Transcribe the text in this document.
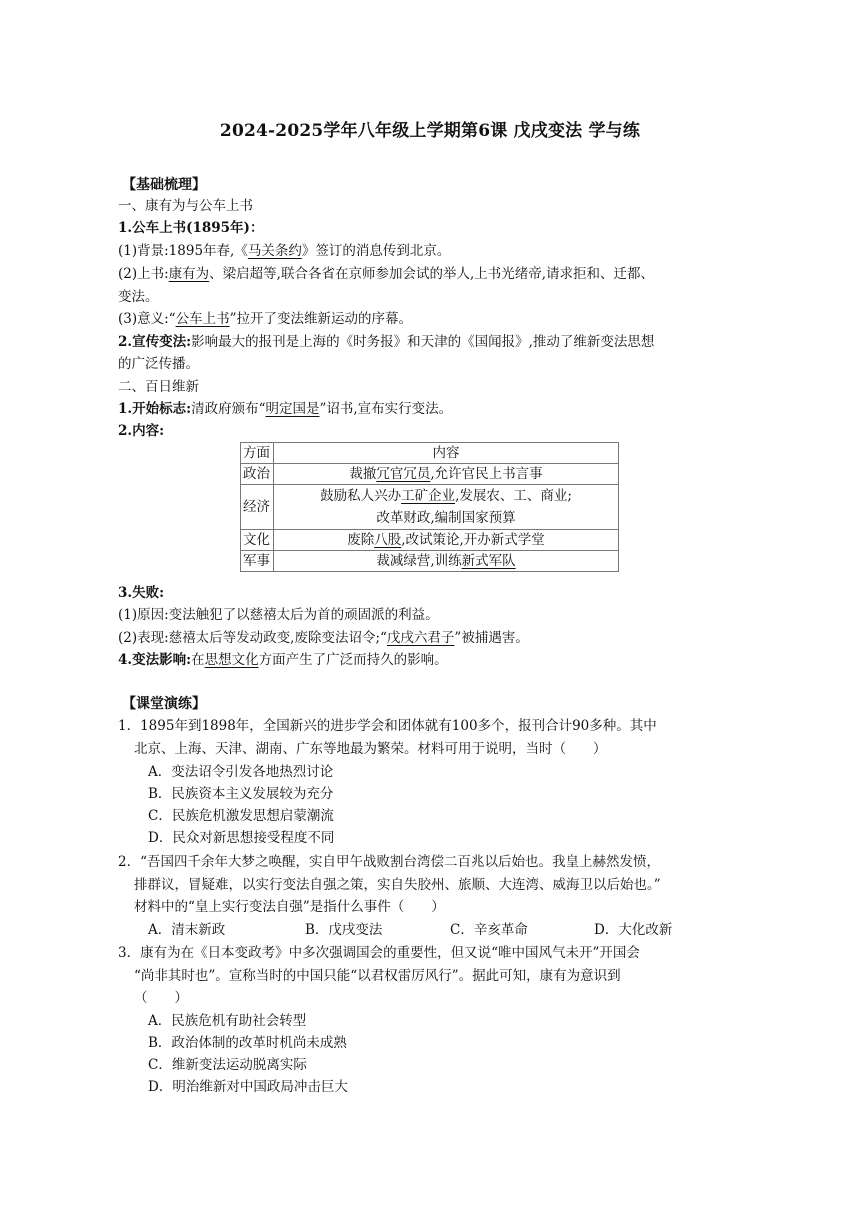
2024-2025学年八年级上学期第6课 戊戌变法 学与练
【基础梳理】
一、康有为与公车上书
1.公车上书(1895年)：
(1)背景:1895年春,《马关条约》签订的消息传到北京。
(2)上书:康有为、梁启超等,联合各省在京师参加会试的举人,上书光绪帝,请求拒和、迁都、
变法。
(3)意义:“公车上书”拉开了变法维新运动的序幕。
2.宣传变法:影响最大的报刊是上海的《时务报》和天津的《国闻报》,推动了维新变法思想
的广泛传播。
二、百日维新
1.开始标志:清政府颁布“明定国是”诏书,宣布实行变法。
2.内容:
方面	内容
政治	裁撤冗官冗员,允许官民上书言事
经济	鼓励私人兴办工矿企业,发展农、工、商业;
改革财政,编制国家预算
文化	废除八股,改试策论,开办新式学堂
军事	裁减绿营,训练新式军队
3.失败:
(1)原因:变法触犯了以慈禧太后为首的顽固派的利益。
(2)表现:慈禧太后等发动政变,废除变法诏令;“戊戌六君子”被捕遇害。
4.变法影响:在思想文化方面产生了广泛而持久的影响。
【课堂演练】
1．1895年到1898年，全国新兴的进步学会和团体就有100多个，报刊合计90多种。其中
北京、上海、天津、湖南、广东等地最为繁荣。材料可用于说明，当时（　　）
A．变法诏令引发各地热烈讨论
B．民族资本主义发展较为充分
C．民族危机激发思想启蒙潮流
D．民众对新思想接受程度不同
2．“吾国四千余年大梦之唤醒，实自甲午战败割台湾偿二百兆以后始也。我皇上赫然发愤，
排群议，冒疑难，以实行变法自强之策，实自失胶州、旅顺、大连湾、威海卫以后始也。”
材料中的“皇上实行变法自强”是指什么事件（　　）
A．清末新政	B．戊戌变法	C．辛亥革命	D．大化改新
3．康有为在《日本变政考》中多次强调国会的重要性，但又说“唯中国风气未开”开国会
“尚非其时也”。宣称当时的中国只能“以君权雷厉风行”。据此可知，康有为意识到
（　　）
A．民族危机有助社会转型
B．政治体制的改革时机尚未成熟
C．维新变法运动脱离实际
D．明治维新对中国政局冲击巨大
